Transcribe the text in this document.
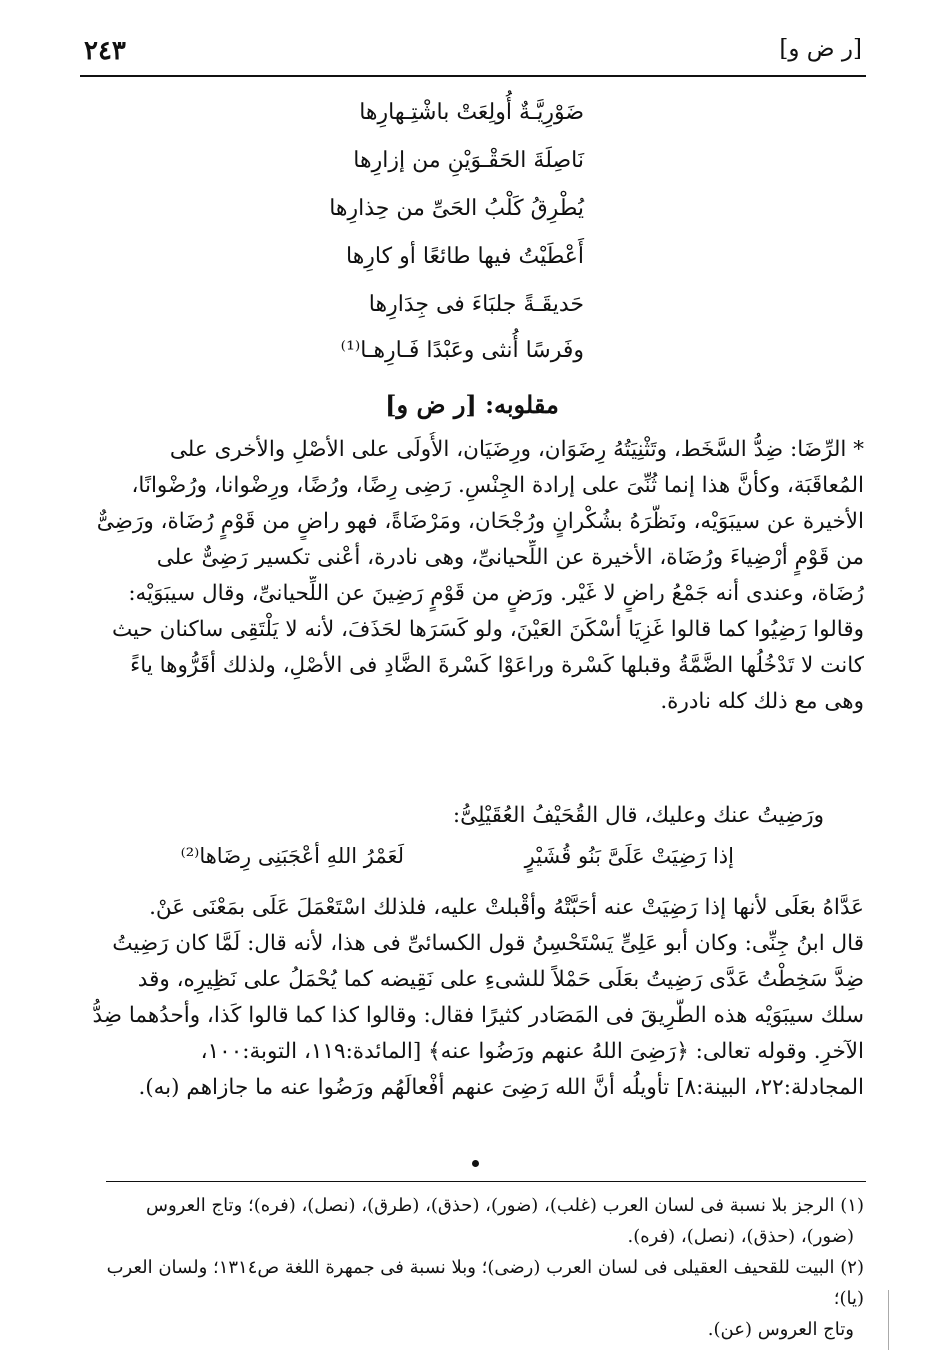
٢٤٣	[ر ض و]
ضَوْرِيَّـةٌ أُولِعَتْ باشْتِـهارِها
نَاصِلَةَ الحَقْـوَيْنِ من إزارِها
يُطْرِقُ كَلْبُ الحَىِّ من حِذارِها
أَعْطَيْتُ فيها طائعًا أو كارِها
حَديقَـةً جلبَاءَ فى جِدَارِها
وفَرسًا أُنثى وعَبْدًا فَـارِهـا⁽¹⁾
مقلوبه: [ر ض و]
* الرِّضَا: ضِدُّ السَّخَط، وتَثْنِيَتُهُ رِضَوَان، ورِضَيَان، الأُولَى على الأصْلِ والأخرى على
المُعاقَبَة، وكأنَّ هذا إنما ثُنِّىَ على إرادة الجِنْسِ. رَضِى رِضًا، ورُضًا، ورِضْوانا، ورُضْوانًا،
الأخيرة عن سيبَوَيْه، ونَظَّرَهُ بشُكْرانٍ ورُجْحَان، ومَرْضَاةً، فهو راضٍ من قَوْمٍ رُضَاة، ورَضِىٌّ
من قَوْمٍ أرْضِياءَ ورُضَاة، الأخيرة عن اللِّحيانىِّ، وهى نادرة، أعْنى تكسير رَضِىٌّ على
رُضَاة، وعندى أنه جَمْعُ راضٍ لا غَيْر. ورَضٍ من قَوْمٍ رَضِينَ عن اللِّحيانىِّ، وقال سيبَوَيْه:
وقالوا رَضِيُوا كما قالوا غَزِيَا أسْكَنَ العَيْنَ، ولو كَسَرَها لحَذَفَ، لأنه لا يَلْتَقِى ساكنان حيث
كانت لا تَدْخُلُها الضَّمَّةُ وقبلها كَسْرة وراعَوْا كَسْرةَ الضَّادِ فى الأصْلِ، ولذلك أقَرُّوها ياءً
وهى مع ذلك كله نادرة.
ورَضِيتُ عنك وعليك، قال القُحَيْفُ العُقَيْلِىُّ:
إذا رَضِيَتْ عَلَىَّ بَنُو قُشَيْرٍ
لَعَمْرُ اللهِ أعْجَبَنِى رِضَاها⁽²⁾
عَدَّاهُ بعَلَى لأنها إذا رَضِيَتْ عنه أحَبَّتْهُ وأقْبلتْ عليه، فلذلك اسْتَعْمَلَ عَلَى بمَعْنَى عَنْ.
قال ابنُ جِنِّى: وكان أبو عَلِىٍّ يَسْتَحْسِنُ قول الكسائىِّ فى هذا، لأنه قال: لَمَّا كان رَضِيتُ
ضِدَّ سَخِطْتُ عَدَّى رَضِيتُ بعَلَى حَمْلاً للشىءِ على نَقِيضه كما يُحْمَلُ على نَظِيرِه، وقد
سلك سيبَوَيْه هذه الطَّرِيقَ فى المَصَادر كثيرًا فقال: وقالوا كذا كما قالوا كَذا، وأحدُهما ضِدُّ
الآخرِ. وقوله تعالى: ﴿رَضِىَ اللهُ عنهم ورَضُوا عنه﴾ [المائدة:١١٩، التوبة:١٠٠،
المجادلة:٢٢، البينة:٨] تأويلُه أنَّ الله رَضِىَ عنهم أفْعالَهُم ورَضُوا عنه ما جازاهم (به).
(١) الرجز بلا نسبة فى لسان العرب (غلب)، (ضور)، (حذق)، (طرق)، (نصل)، (فره)؛ وتاج العروس
(ضور)، (حذق)، (نصل)، (فره).
(٢) البيت للقحيف العقيلى فى لسان العرب (رضى)؛ وبلا نسبة فى جمهرة اللغة ص١٣١٤؛ ولسان العرب (يا)؛
وتاج العروس (عن).
